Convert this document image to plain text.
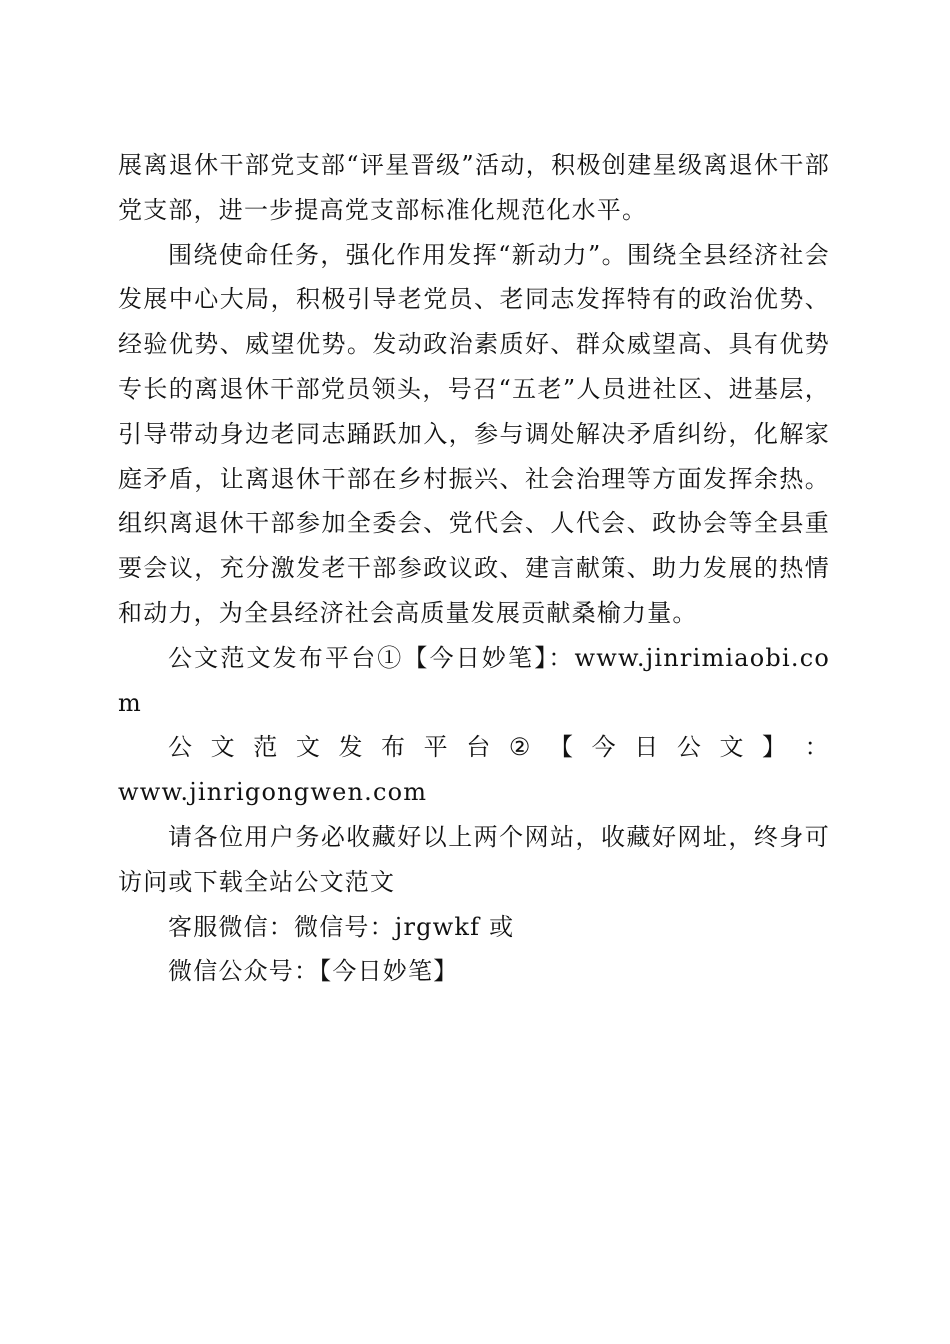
展离退休干部党支部“评星晋级”活动，积极创建星级离退休干部党支部，进一步提高党支部标准化规范化水平。

围绕使命任务，强化作用发挥“新动力”。围绕全县经济社会发展中心大局，积极引导老党员、老同志发挥特有的政治优势、经验优势、威望优势。发动政治素质好、群众威望高、具有优势专长的离退休干部党员领头，号召“五老”人员进社区、进基层，引导带动身边老同志踊跃加入，参与调处解决矛盾纠纷，化解家庭矛盾，让离退休干部在乡村振兴、社会治理等方面发挥余热。组织离退休干部参加全委会、党代会、人代会、政协会等全县重要会议，充分激发老干部参政议政、建言献策、助力发展的热情和动力，为全县经济社会高质量发展贡献桑榆力量。

公文范文发布平台①【今日妙笔】：www.jinrimiaobi.com

公 文 范 文 发 布 平 台 ② 【 今 日 公 文 】 ：

www.jinrigongwen.com

请各位用户务必收藏好以上两个网站，收藏好网址，终身可访问或下载全站公文范文

客服微信：微信号：jrgwkf 或

微信公众号：【今日妙笔】
